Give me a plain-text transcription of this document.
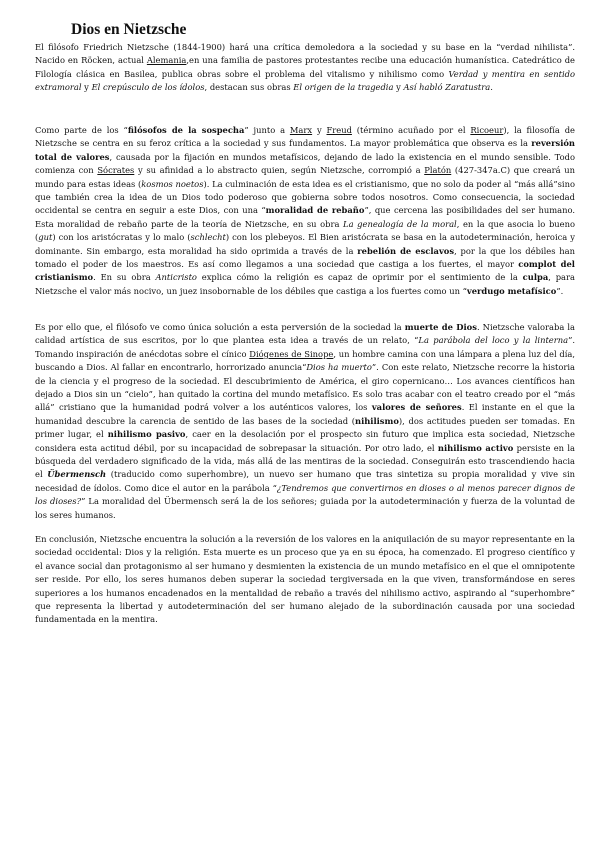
Dios en Nietzsche

El filósofo Friedrich Nietzsche (1844-1900) hará una crítica demoledora a la sociedad y su base en la “verdad nihilista”. Nacido en Röcken, actual Alemania,en una familia de pastores protestantes recibe una educación humanística. Catedrático de Filología clásica en Basilea, publica obras sobre el problema del vitalismo y nihilismo como Verdad y mentira en sentido extramoral y El crepúsculo de los ídolos, destacan sus obras El origen de la tragedia y Así habló Zaratustra.

Como parte de los “filósofos de la sospecha” junto a Marx y Freud (término acuñado por el Ricoeur), la filosofía de Nietzsche se centra en su feroz crítica a la sociedad y sus fundamentos. La mayor problemática que observa es la reversión total de valores, causada por la fijación en mundos metafísicos, dejando de lado la existencia en el mundo sensible. Todo comienza con Sócrates y su afinidad a lo abstracto quien, según Nietzsche, corrompió a Platón (427-347a.C) que creará un mundo para estas ideas (kosmos noetos). La culminación de esta idea es el cristianismo, que no solo da poder al “más allá”sino que también crea la idea de un Dios todo poderoso que gobierna sobre todos nosotros. Como consecuencia, la sociedad occidental se centra en seguir a este Dios, con una “moralidad de rebaño”, que cercena las posibilidades del ser humano. Esta moralidad de rebaño parte de la teoría de Nietzsche, en su obra La genealogía de la moral, en la que asocia lo bueno (gut) con los aristócratas y lo malo (schlecht) con los plebeyos. El Bien aristócrata se basa en la autodeterminación, heroica y dominante. Sin embargo, esta moralidad ha sido oprimida a través de la rebelión de esclavos, por la que los débiles han tomado el poder de los maestros. Es así como llegamos a una sociedad que castiga a los fuertes, el mayor complot del cristianismo. En su obra Anticristo explica cómo la religión es capaz de oprimir por el sentimiento de la culpa, para Nietzsche el valor más nocivo, un juez insobornable de los débiles que castiga a los fuertes como un “verdugo metafísico”.

Es por ello que, el filósofo ve como única solución a esta perversión de la sociedad la muerte de Dios. Nietzsche valoraba la calidad artística de sus escritos, por lo que plantea esta idea a través de un relato, “La parábola del loco y la linterna”. Tomando inspiración de anécdotas sobre el cínico Diógenes de Sinope, un hombre camina con una lámpara a plena luz del día, buscando a Dios. Al fallar en encontrarlo, horrorizado anuncia“Dios ha muerto”. Con este relato, Nietzsche recorre la historia de la ciencia y el progreso de la sociedad. El descubrimiento de América, el giro copernicano… Los avances científicos han dejado a Dios sin un “cielo”, han quitado la cortina del mundo metafísico. Es solo tras acabar con el teatro creado por el “más allá” cristiano que la humanidad podrá volver a los auténticos valores, los valores de señores. El instante en el que la humanidad descubre la carencia de sentido de las bases de la sociedad (nihilismo), dos actitudes pueden ser tomadas. En primer lugar, el nihilismo pasivo, caer en la desolación por el prospecto sin futuro que implica esta sociedad, Nietzsche considera esta actitud débil, por su incapacidad de sobrepasar la situación. Por otro lado, el nihilismo activo persiste en la búsqueda del verdadero significado de la vida, más allá de las mentiras de la sociedad. Conseguirán esto trascendiendo hacia el Übermensch (traducido como superhombre), un nuevo ser humano que tras sintetiza su propia moralidad y vive sin necesidad de ídolos. Como dice el autor en la parábola “¿Tendremos que convertirnos en dioses o al menos parecer dignos de los dioses?” La moralidad del Übermensch será la de los señores; guiada por la autodeterminación y fuerza de la voluntad de los seres humanos.

En conclusión, Nietzsche encuentra la solución a la reversión de los valores en la aniquilación de su mayor representante en la sociedad occidental: Dios y la religión. Esta muerte es un proceso que ya en su época, ha comenzado. El progreso científico y el avance social dan protagonismo al ser humano y desmienten la existencia de un mundo metafísico en el que el omnipotente ser reside. Por ello, los seres humanos deben superar la sociedad tergiversada en la que viven, transformándose en seres superiores a los humanos encadenados en la mentalidad de rebaño a través del nihilismo activo, aspirando al “superhombre” que representa la libertad y autodeterminación del ser humano alejado de la subordinación causada por una sociedad fundamentada en la mentira.
